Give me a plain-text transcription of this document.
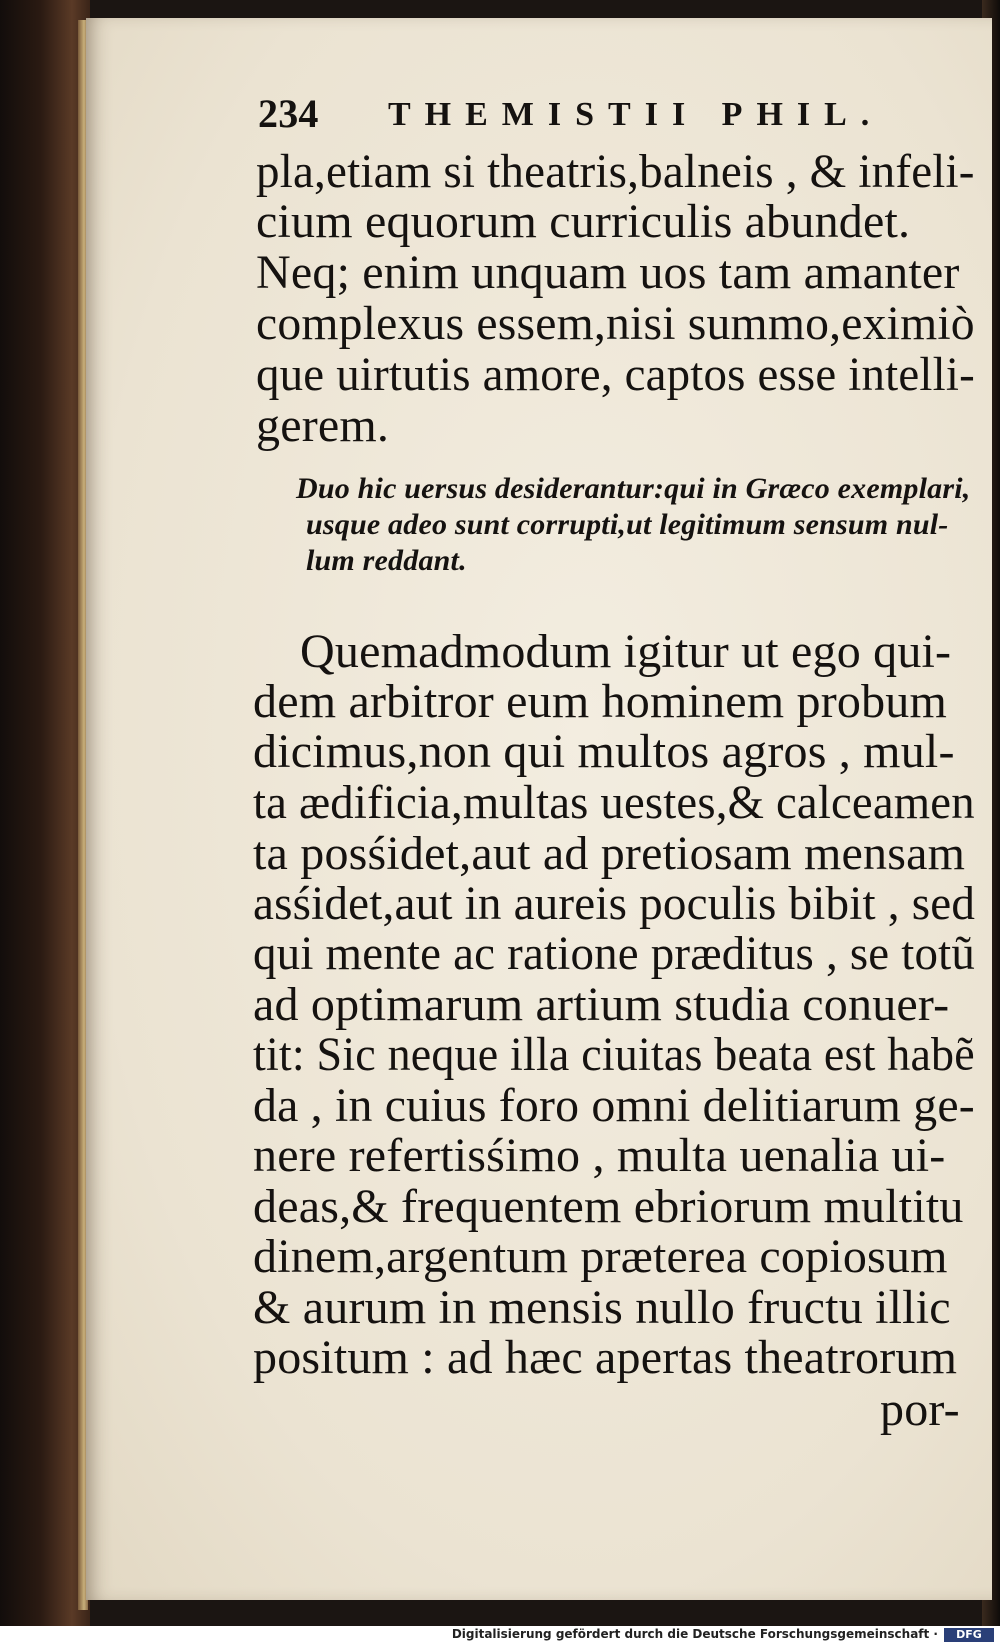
234 THEMISTII PHIL.
pla,etiam si theatris,balneis , & infeli-
cium equorum curriculis abundet.
Neq; enim unquam uos tam amanter
complexus essem,nisi summo,eximiò
que uirtutis amore, captos esse intelli-
gerem.
Duo hic uersus desiderantur:qui in Græco exemplari,
usque adeo sunt corrupti,ut legitimum sensum nul-
lum reddant.
Quemadmodum igitur ut ego qui-
dem arbitror eum hominem probum
dicimus,non qui multos agros , mul-
ta ædificia,multas uestes,& calceamen
ta posśidet,aut ad pretiosam mensam
asśidet,aut in aureis poculis bibit , sed
qui mente ac ratione præditus , se totũ
ad optimarum artium studia conuer-
tit: Sic neque illa ciuitas beata est habẽ
da , in cuius foro omni delitiarum ge-
nere refertisśimo , multa uenalia ui-
deas,& frequentem ebriorum multitu
dinem,argentum præterea copiosum
& aurum in mensis nullo fructu illic
positum : ad hæc apertas theatrorum
por-
Digitalisierung gefördert durch die Deutsche Forschungsgemeinschaft ·	DFG
